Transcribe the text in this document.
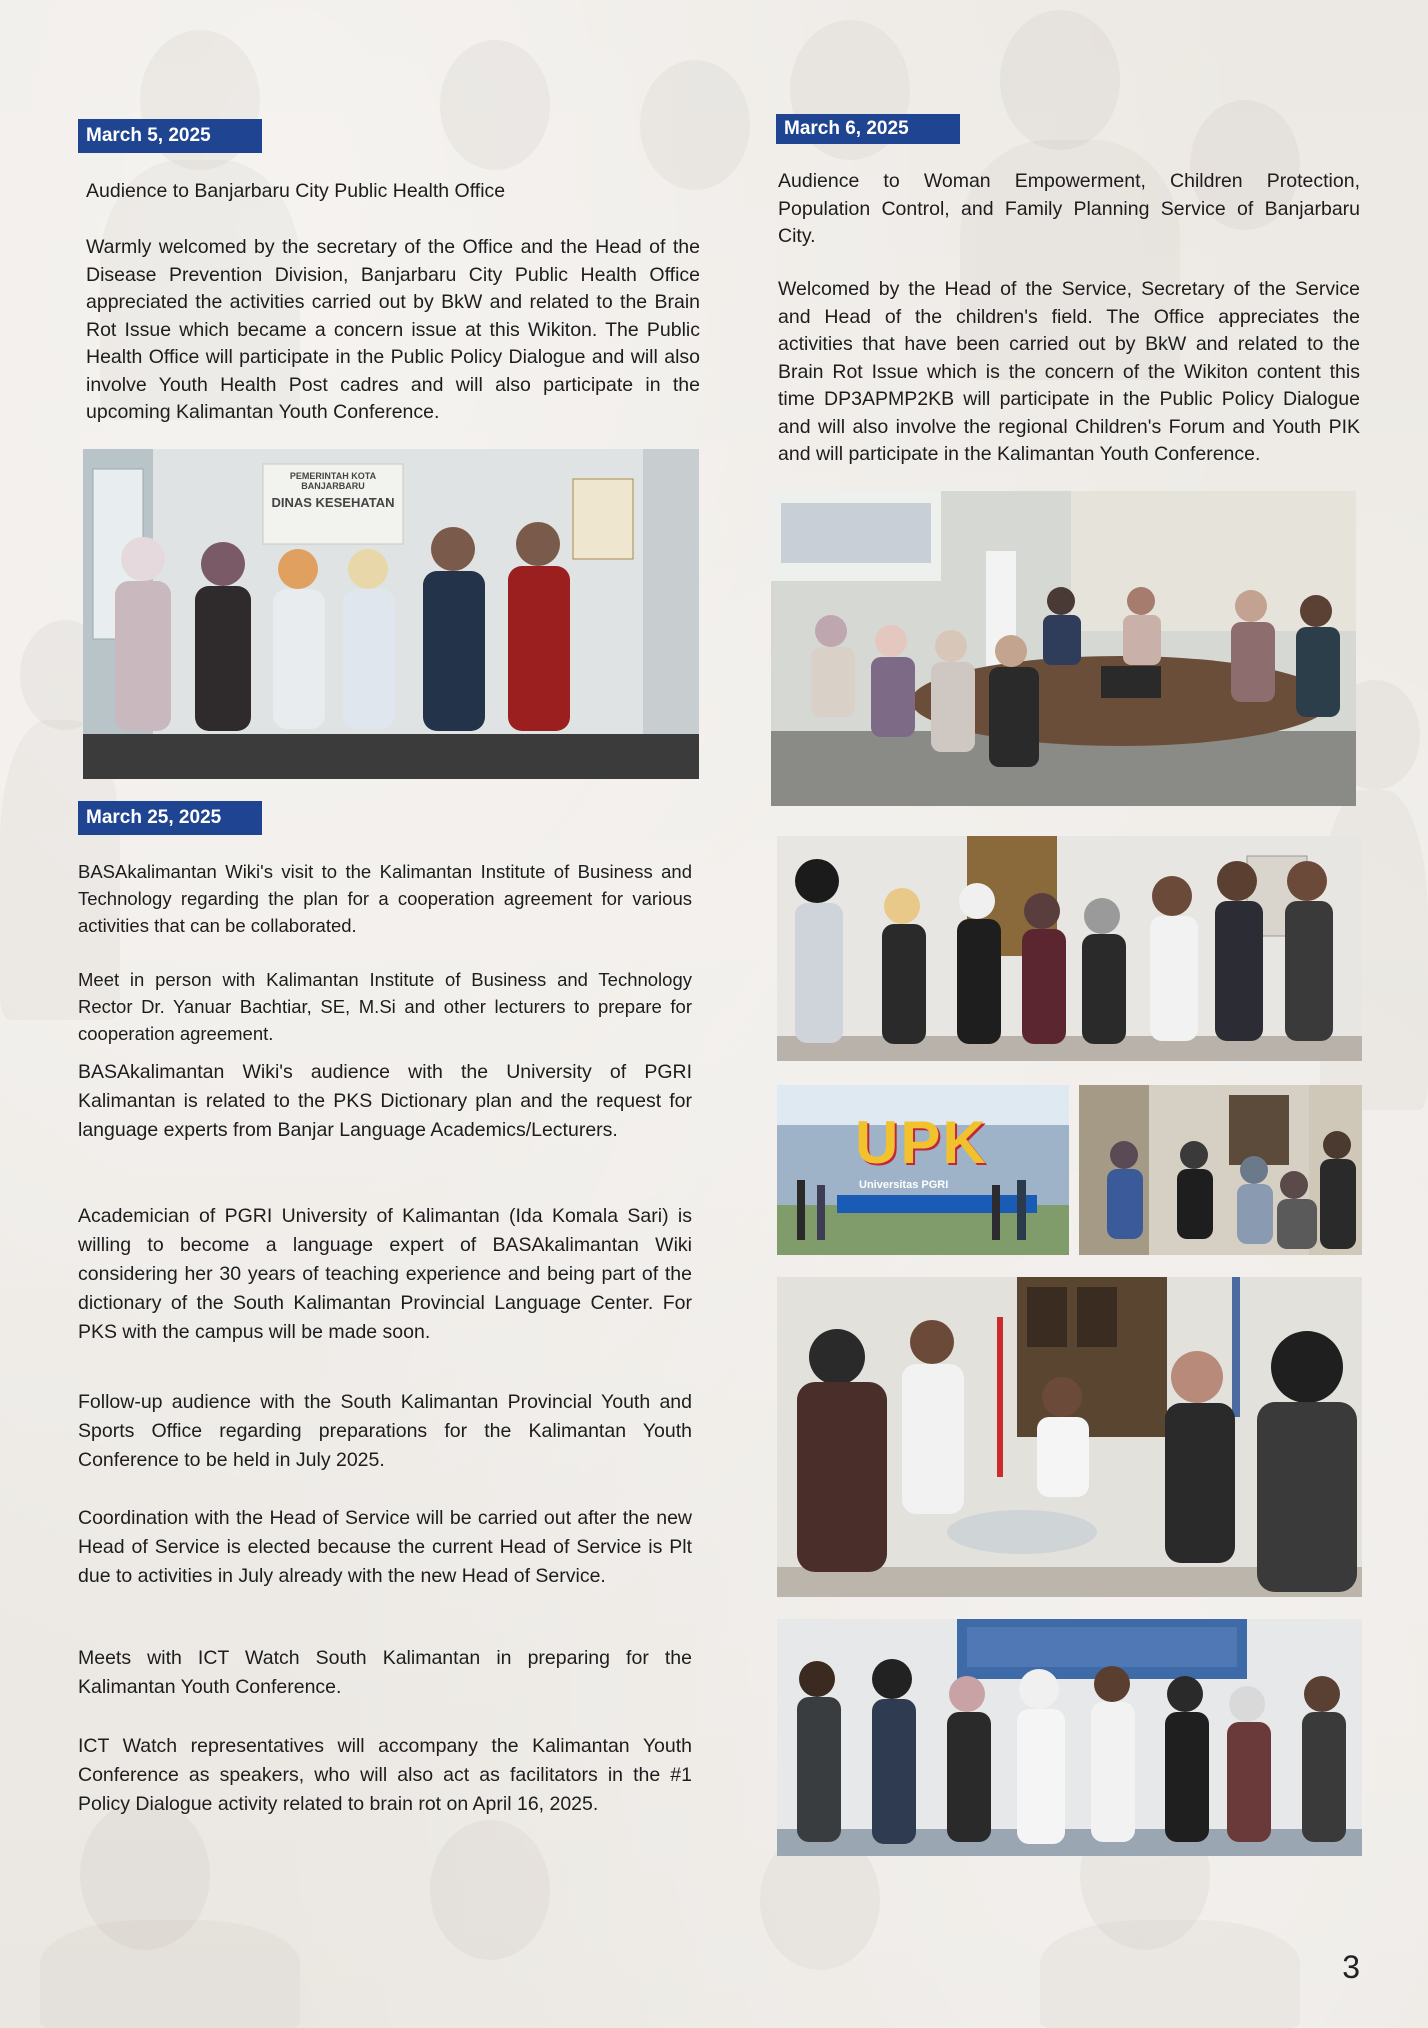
March 5, 2025

Audience to Banjarbaru City Public Health Office

Warmly welcomed by the secretary of the Office and the Head of the Disease Prevention Division, Banjarbaru City Public Health Office appreciated the activities carried out by BkW and related to the Brain Rot Issue which became a concern issue at this Wikiton. The Public Health Office will participate in the Public Policy Dialogue and will also involve Youth Health Post cadres and will also participate in the upcoming Kalimantan Youth Conference.

PEMERINTAH KOTA BANJARBARU
DINAS KESEHATAN
March 6, 2025

Audience to Woman Empowerment, Children Protection, Population Control, and Family Planning Service of Banjarbaru City.

Welcomed by the Head of the Service, Secretary of the Service and Head of the children's field. The Office appreciates the activities that have been carried out by BkW and related to the Brain Rot Issue which is the concern of the Wikiton content this time DP3APMP2KB will participate in the Public Policy Dialogue and will also involve the regional Children's Forum and Youth PIK and will participate in the Kalimantan Youth Conference.

March 25, 2025

BASAkalimantan Wiki's visit to the Kalimantan Institute of Business and Technology regarding the plan for a cooperation agreement for various activities that can be collaborated.

Meet in person with Kalimantan Institute of Business and Technology Rector Dr. Yanuar Bachtiar, SE, M.Si and other lecturers to prepare for cooperation agreement.

BASAkalimantan Wiki's audience with the University of PGRI Kalimantan is related to the PKS Dictionary plan and the request for language experts from Banjar Language Academics/Lecturers.

Academician of PGRI University of Kalimantan (Ida Komala Sari) is willing to become a language expert of BASAkalimantan Wiki considering her 30 years of teaching experience and being part of the dictionary of the South Kalimantan Provincial Language Center. For PKS with the campus will be made soon.

Follow-up audience with the South Kalimantan Provincial Youth and Sports Office regarding preparations for the Kalimantan Youth Conference to be held in July 2025.

Coordination with the Head of Service will be carried out after the new Head of Service is elected because the current Head of Service is Plt due to activities in July already with the new Head of Service.

Meets with ICT Watch South Kalimantan in preparing for the Kalimantan Youth Conference.

ICT Watch representatives will accompany the Kalimantan Youth Conference as speakers, who will also act as facilitators in the #1 Policy Dialogue activity related to brain rot on April 16, 2025.

UPK
Universitas PGRI
3
